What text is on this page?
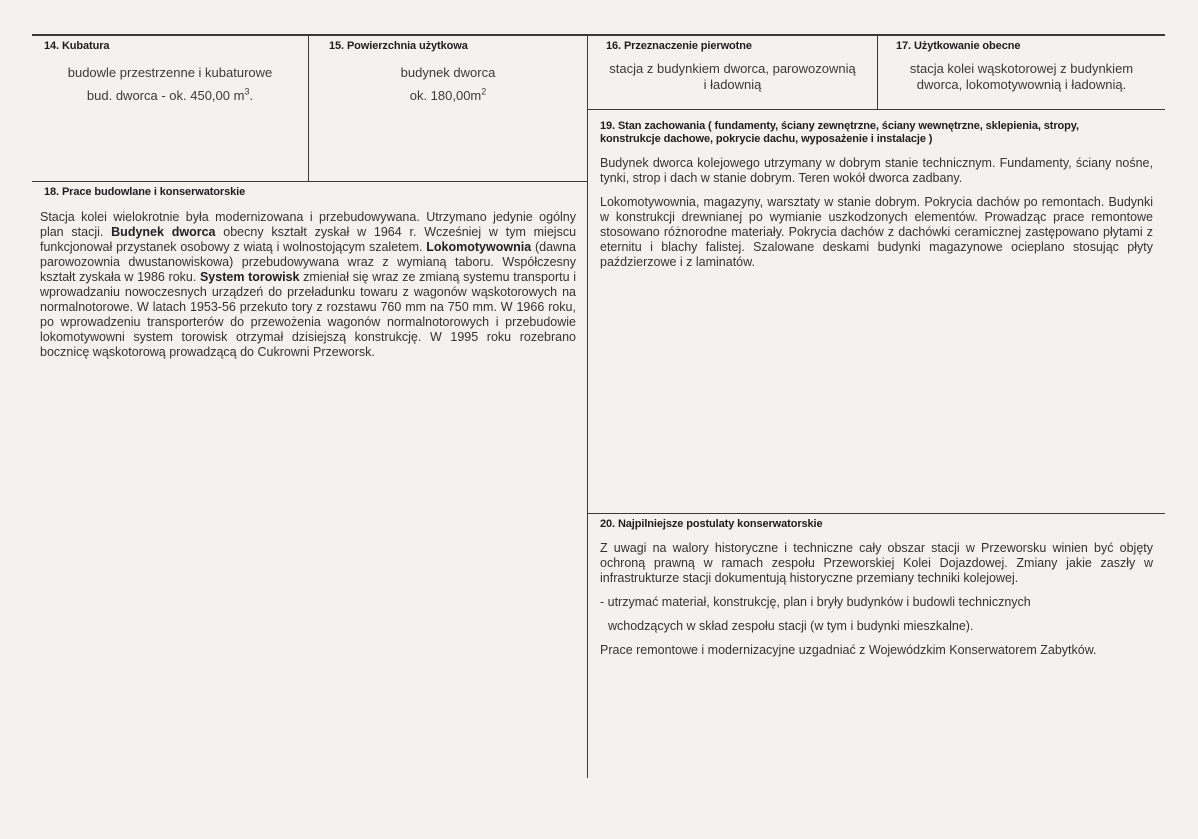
14. Kubatura
budowle przestrzenne i kubaturowe
bud. dworca - ok. 450,00 $m^3$.
15. Powierzchnia użytkowa
budynek dworca
ok. $180,00m^2$
16. Przeznaczenie pierwotne
stacja z budynkiem dworca, parowozownią
i ładownią
17. Użytkowanie obecne
stacja kolei wąskotorowej z budynkiem
dworca, lokomotywownią i ładownią.
18. Prace budowlane i konserwatorskie

Stacja kolei wielokrotnie była modernizowana i przebudowywana. Utrzymano jedynie ogólny plan stacji. Budynek dworca obecny kształt zyskał w 1964 r. Wcześniej w tym miejscu funkcjonował przystanek osobowy z wiatą i wolnostojącym szaletem. Lokomotywownia (dawna parowozownia dwustanowiskowa) przebudowywana wraz z wymianą taboru. Współczesny kształt zyskała w 1986 roku. System torowisk zmieniał się wraz ze zmianą systemu transportu i wprowadzaniu nowoczesnych urządzeń do przeładunku towaru z wagonów wąskotorowych na normalnotorowe. W latach 1953-56 przekuto tory z rozstawu 760 mm na 750 mm. W 1966 roku, po wprowadzeniu transporterów do przewożenia wagonów normalnotorowych i przebudowie lokomotywowni system torowisk otrzymał dzisiejszą konstrukcję. W 1995 roku rozebrano bocznicę wąskotorową prowadzącą do Cukrowni Przeworsk.

19. Stan zachowania ( fundamenty, ściany zewnętrzne, ściany wewnętrzne, sklepienia, stropy, konstrukcje dachowe, pokrycie dachu, wyposażenie i instalacje )

Budynek dworca kolejowego utrzymany w dobrym stanie technicznym. Fundamenty, ściany nośne, tynki, strop i dach w stanie dobrym. Teren wokół dworca zadbany.

Lokomotywownia, magazyny, warsztaty w stanie dobrym. Pokrycia dachów po remontach. Budynki w konstrukcji drewnianej po wymianie uszkodzonych elementów. Prowadząc prace remontowe stosowano różnorodne materiały. Pokrycia dachów z dachówki ceramicznej zastępowano płytami z eternitu i blachy falistej. Szalowane deskami budynki magazynowe ocieplano stosując płyty paździerzowe i z laminatów.

20. Najpilniejsze postulaty konserwatorskie

Z uwagi na walory historyczne i techniczne cały obszar stacji w Przeworsku winien być objęty ochroną prawną w ramach zespołu Przeworskiej Kolei Dojazdowej. Zmiany jakie zaszły w infrastrukturze stacji dokumentują historyczne przemiany techniki kolejowej.

- utrzymać materiał, konstrukcję, plan i bryły budynków i budowli technicznych

wchodzących w skład zespołu stacji (w tym i budynki mieszkalne).

Prace remontowe i modernizacyjne uzgadniać z Wojewódzkim Konserwatorem Zabytków.
